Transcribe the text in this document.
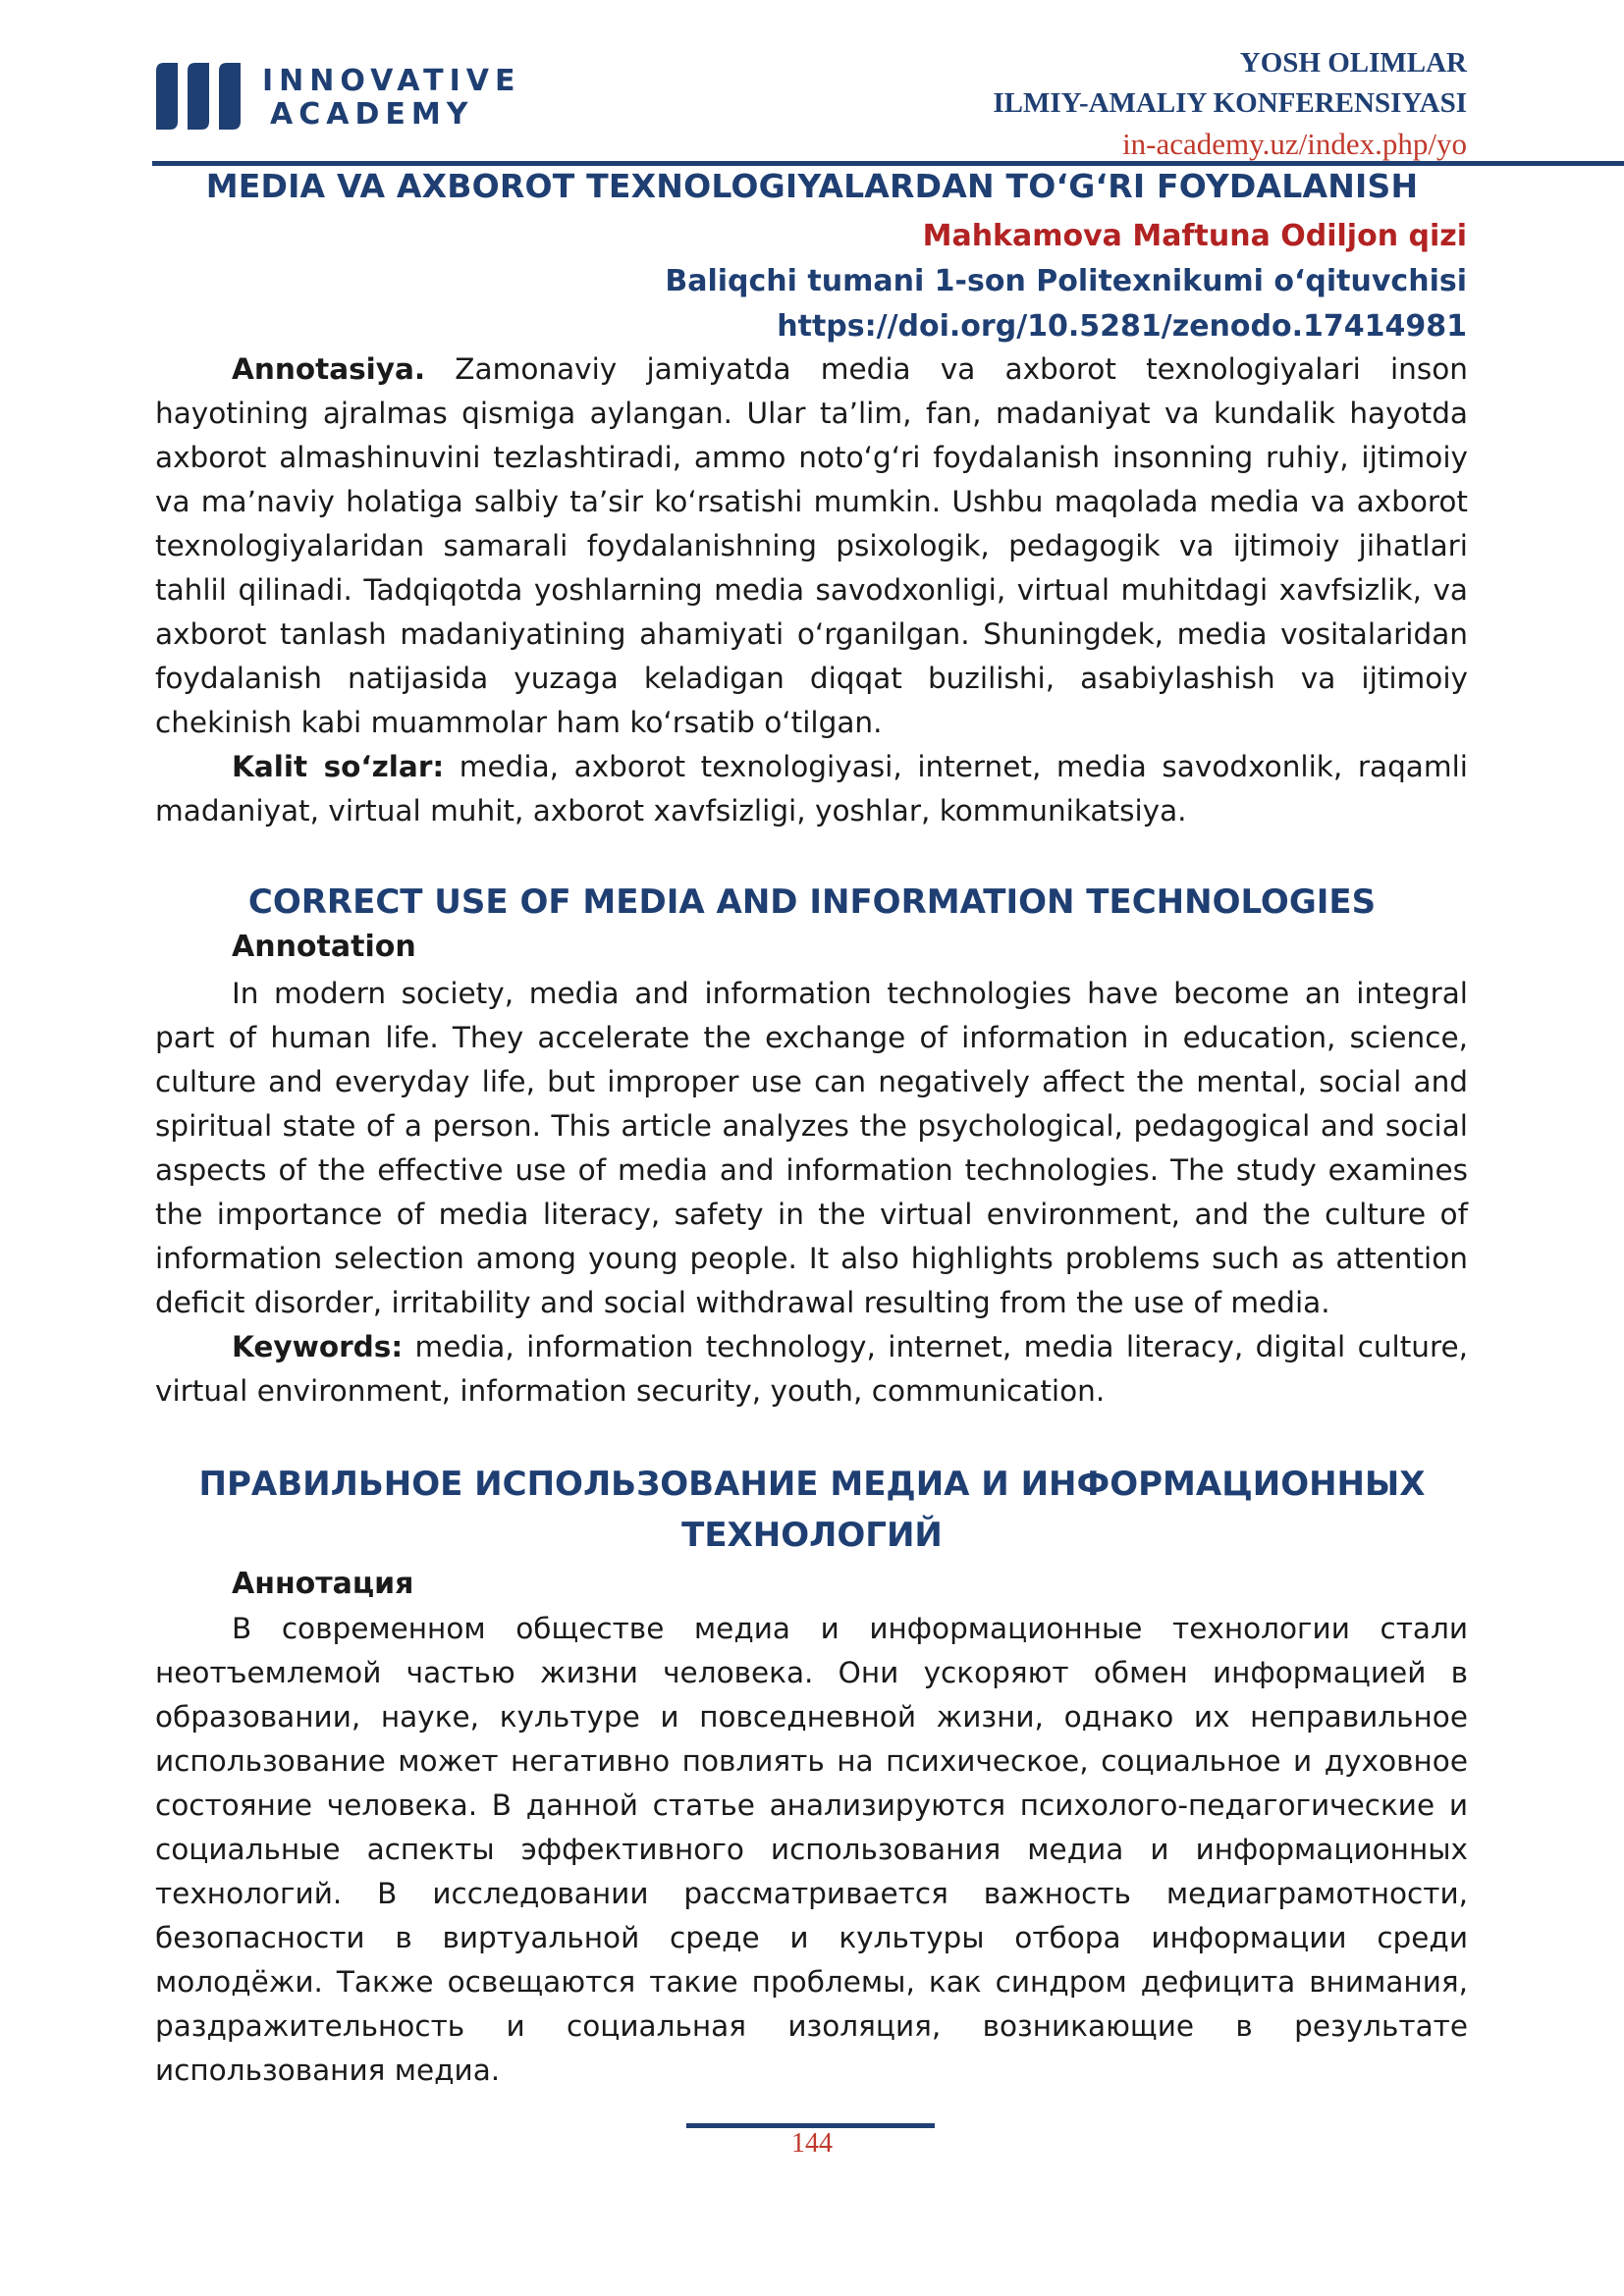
INNOVATIVE
ACADEMY
YOSH OLIMLAR
ILMIY-AMALIY KONFERENSIYASI
in-academy.uz/index.php/yo
MEDIA VA AXBOROT TEXNOLOGIYALARDAN TO‘G‘RI FOYDALANISH
Mahkamova Maftuna Odiljon qizi
Baliqchi tumani 1-son Politexnikumi o‘qituvchisi
https://doi.org/10.5281/zenodo.17414981

Annotasiya. Zamonaviy jamiyatda media va axborot texnologiyalari inson hayotining ajralmas qismiga aylangan. Ular ta’lim, fan, madaniyat va kundalik hayotda axborot almashinuvini tezlashtiradi, ammo noto‘g‘ri foydalanish insonning ruhiy, ijtimoiy va ma’naviy holatiga salbiy ta’sir ko‘rsatishi mumkin. Ushbu maqolada media va axborot texnologiyalaridan samarali foydalanishning psixologik, pedagogik va ijtimoiy jihatlari tahlil qilinadi. Tadqiqotda yoshlarning media savodxonligi, virtual muhitdagi xavfsizlik, va axborot tanlash madaniyatining ahamiyati o‘rganilgan. Shuningdek, media vositalaridan foydalanish natijasida yuzaga keladigan diqqat buzilishi, asabiylashish va ijtimoiy chekinish kabi muammolar ham ko‘rsatib o‘tilgan.

Kalit so‘zlar: media, axborot texnologiyasi, internet, media savodxonlik, raqamli madaniyat, virtual muhit, axborot xavfsizligi, yoshlar, kommunikatsiya.

CORRECT USE OF MEDIA AND INFORMATION TECHNOLOGIES
Annotation

In modern society, media and information technologies have become an integral part of human life. They accelerate the exchange of information in education, science, culture and everyday life, but improper use can negatively affect the mental, social and spiritual state of a person. This article analyzes the psychological, pedagogical and social aspects of the effective use of media and information technologies. The study examines the importance of media literacy, safety in the virtual environment, and the culture of information selection among young people. It also highlights problems such as attention deficit disorder, irritability and social withdrawal resulting from the use of media.

Keywords: media, information technology, internet, media literacy, digital culture, virtual environment, information security, youth, communication.

ПРАВИЛЬНОЕ ИСПОЛЬЗОВАНИЕ МЕДИА И ИНФОРМАЦИОННЫХ
ТЕХНОЛОГИЙ
Аннотация

В современном обществе медиа и информационные технологии стали неотъемлемой частью жизни человека. Они ускоряют обмен информацией в образовании, науке, культуре и повседневной жизни, однако их неправильное использование может негативно повлиять на психическое, социальное и духовное состояние человека. В данной статье анализируются психолого-педагогические и социальные аспекты эффективного использования медиа и информационных технологий. В исследовании рассматривается важность медиаграмотности, безопасности в виртуальной среде и культуры отбора информации среди молодёжи. Также освещаются такие проблемы, как синдром дефицита внимания, раздражительность и социальная изоляция, возникающие в результате использования медиа.

144
